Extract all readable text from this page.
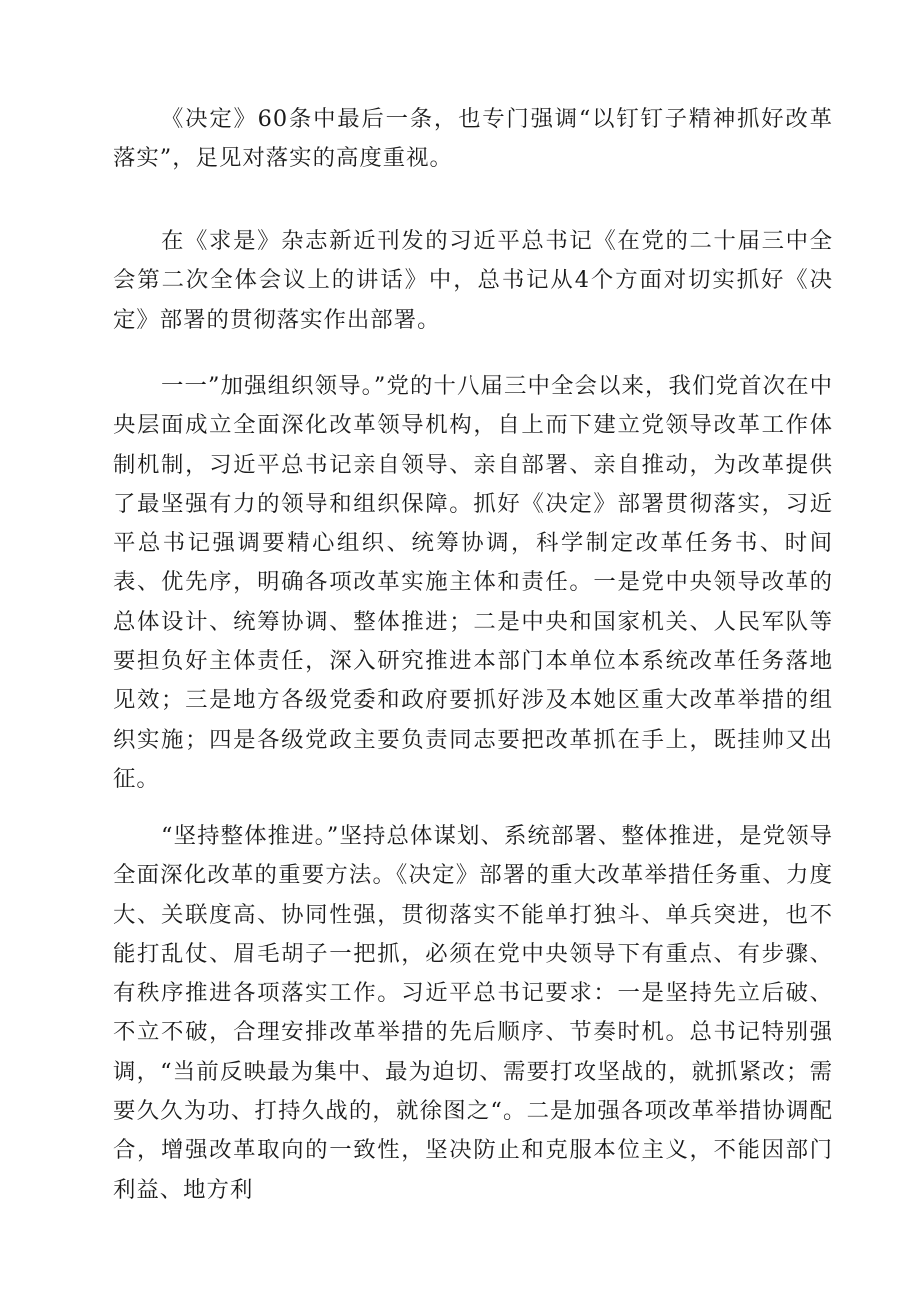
《决定》60条中最后一条，也专门强调“以钉钉子精神抓好改革落实”，足见对落实的高度重视。

在《求是》杂志新近刊发的习近平总书记《在党的二十届三中全会第二次全体会议上的讲话》中，总书记从4个方面对切实抓好《决定》部署的贯彻落实作出部署。

一一”加强组织领导。”党的十八届三中全会以来，我们党首次在中央层面成立全面深化改革领导机构，自上而下建立党领导改革工作体制机制，习近平总书记亲自领导、亲自部署、亲自推动，为改革提供了最坚强有力的领导和组织保障。抓好《决定》部署贯彻落实，习近平总书记强调要精心组织、统筹协调，科学制定改革任务书、时间表、优先序，明确各项改革实施主体和责任。一是党中央领导改革的总体设计、统筹协调、整体推进；二是中央和国家机关、人民军队等要担负好主体责任，深入研究推进本部门本单位本系统改革任务落地见效；三是地方各级党委和政府要抓好涉及本她区重大改革举措的组织实施；四是各级党政主要负责同志要把改革抓在手上，既挂帅又出征。

“坚持整体推进。”坚持总体谋划、系统部署、整体推进，是党领导全面深化改革的重要方法。《决定》部署的重大改革举措任务重、力度大、关联度高、协同性强，贯彻落实不能单打独斗、单兵突进，也不能打乱仗、眉毛胡子一把抓，必须在党中央领导下有重点、有步骤、有秩序推进各项落实工作。习近平总书记要求：一是坚持先立后破、不立不破，合理安排改革举措的先后顺序、节奏时机。总书记特别强调，“当前反映最为集中、最为迫切、需要打攻坚战的，就抓紧改；需要久久为功、打持久战的，就徐图之“。二是加强各项改革举措协调配合，增强改革取向的一致性，坚决防止和克服本位主义，不能因部门利益、地方利
